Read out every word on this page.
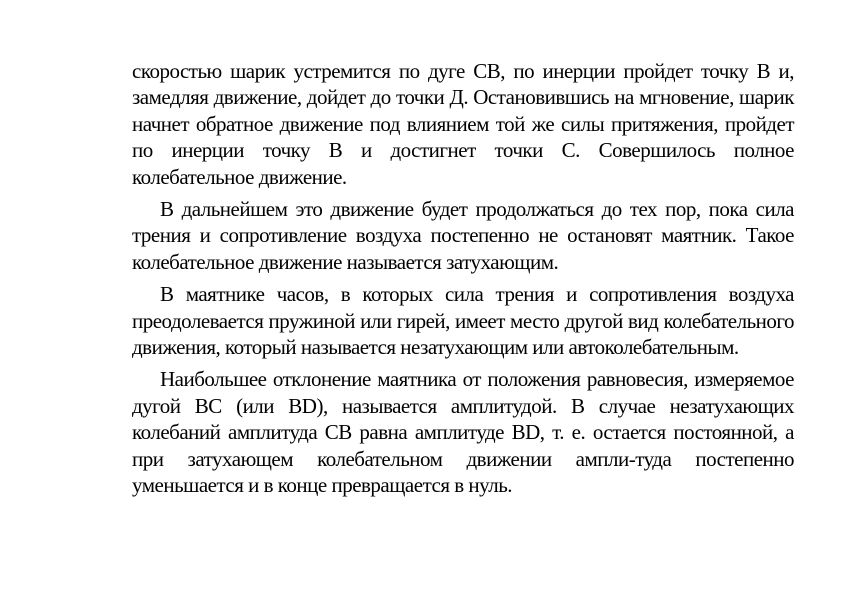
скоростью шарик устремится по дуге СВ, по инерции пройдет точку В и, замедляя движение, дойдет до точки Д. Остановившись на мгновение, шарик начнет обратное движение под влиянием той же силы притяжения, пройдет по инерции точку В и достигнет точки С. Совершилось полное колебательное движение.

В дальнейшем это движение будет продолжаться до тех пор, пока сила трения и сопротивление воздуха постепенно не остановят маятник. Такое колебательное движение называется затухающим.

В маятнике часов, в которых сила трения и сопротивления воздуха преодолевается пружиной или гирей, имеет место другой вид колебательного движения, который называется незатухающим или автоколебательным.

Наибольшее отклонение маятника от положения равновесия, измеряемое дугой ВС (или BD), называется амплитудой. В случае незатухающих колебаний амплитуда СВ равна амплитуде BD, т. е. остается постоянной, а при затухающем колебательном движении ампли-туда постепенно уменьшается и в конце превращается в нуль.
